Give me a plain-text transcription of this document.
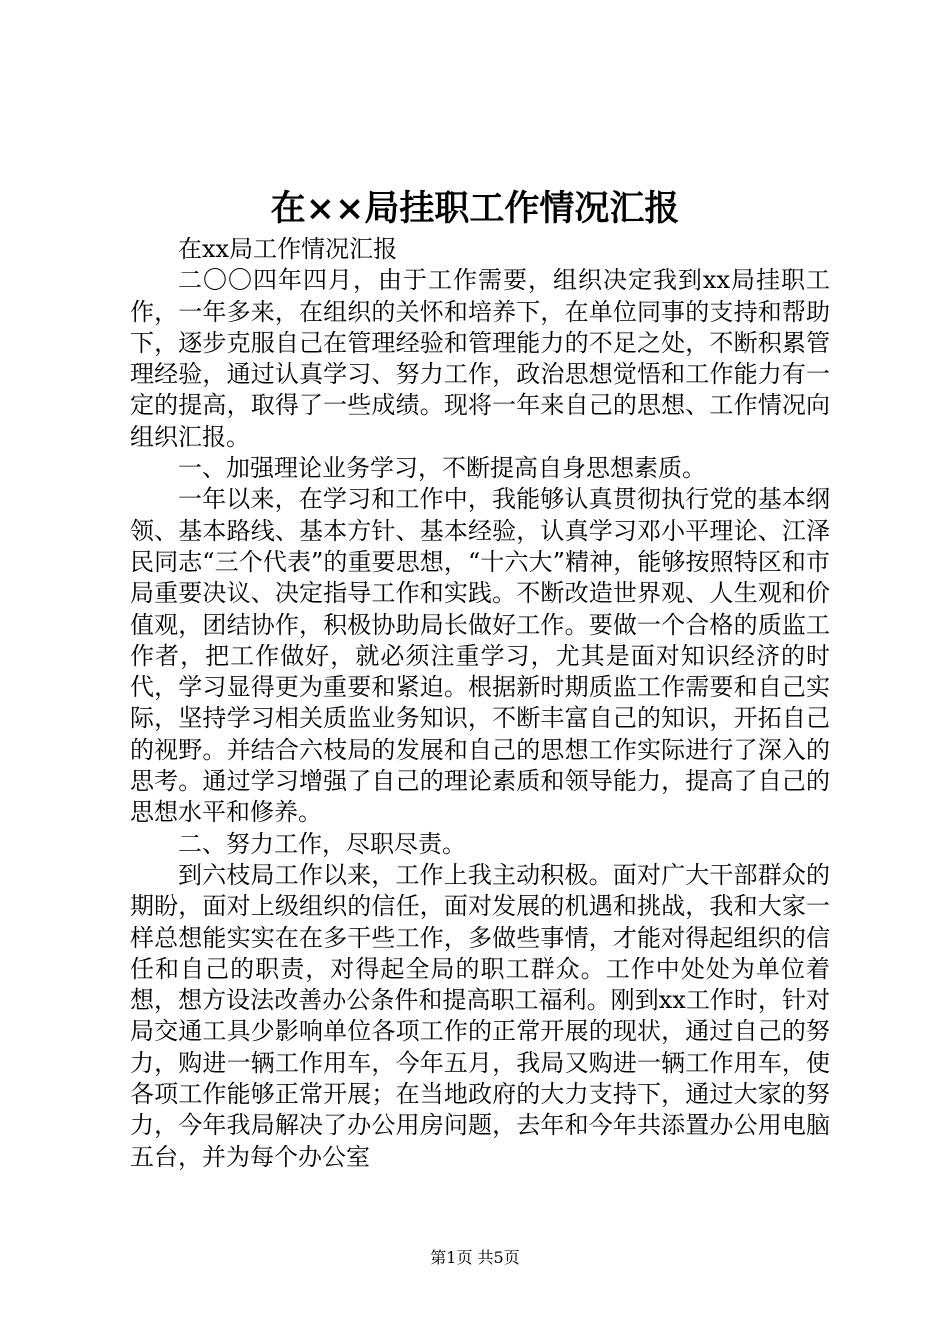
在××局挂职工作情况汇报

在xx局工作情况汇报

二〇〇四年四月，由于工作需要，组织决定我到xx局挂职工作，一年多来，在组织的关怀和培养下，在单位同事的支持和帮助下，逐步克服自己在管理经验和管理能力的不足之处，不断积累管理经验，通过认真学习、努力工作，政治思想觉悟和工作能力有一定的提高，取得了一些成绩。现将一年来自己的思想、工作情况向组织汇报。

一、加强理论业务学习，不断提高自身思想素质。

一年以来，在学习和工作中，我能够认真贯彻执行党的基本纲领、基本路线、基本方针、基本经验，认真学习邓小平理论、江泽民同志“三个代表”的重要思想，“十六大”精神，能够按照特区和市局重要决议、决定指导工作和实践。不断改造世界观、人生观和价值观，团结协作，积极协助局长做好工作。要做一个合格的质监工作者，把工作做好，就必须注重学习，尤其是面对知识经济的时代，学习显得更为重要和紧迫。根据新时期质监工作需要和自己实际，坚持学习相关质监业务知识，不断丰富自己的知识，开拓自己的视野。并结合六枝局的发展和自己的思想工作实际进行了深入的思考。通过学习增强了自己的理论素质和领导能力，提高了自己的思想水平和修养。

二、努力工作，尽职尽责。

到六枝局工作以来，工作上我主动积极。面对广大干部群众的期盼，面对上级组织的信任，面对发展的机遇和挑战，我和大家一样总想能实实在在多干些工作，多做些事情，才能对得起组织的信任和自己的职责，对得起全局的职工群众。工作中处处为单位着想，想方设法改善办公条件和提高职工福利。刚到xx工作时，针对局交通工具少影响单位各项工作的正常开展的现状，通过自己的努力，购进一辆工作用车，今年五月，我局又购进一辆工作用车，使各项工作能够正常开展；在当地政府的大力支持下，通过大家的努力，今年我局解决了办公用房问题，去年和今年共添置办公用电脑五台，并为每个办公室

第1页 共5页
